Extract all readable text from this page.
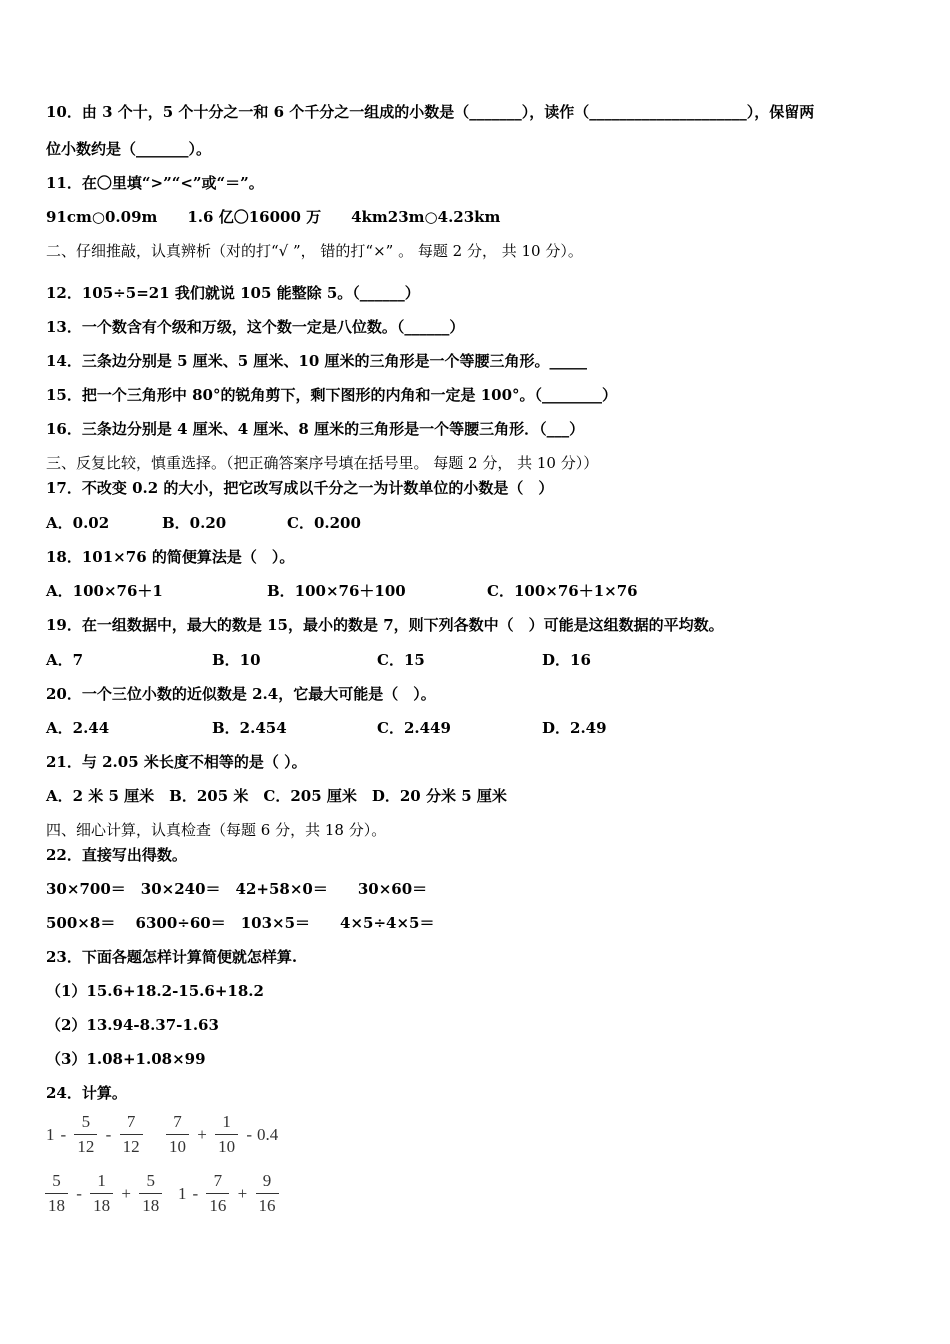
10．由 3 个十，5 个十分之一和 6 个千分之一组成的小数是（_______），读作（_____________________），保留两
位小数约是（_______）。
11．在〇里填“>”“<”或“＝”。
91cm○0.09m　　1.6 亿〇16000 万　　4km23m○4.23km
二、仔细推敲，认真辨析（对的打“√ ”， 错的打“×” 。 每题 2 分， 共 10 分）。
12．105÷5=21 我们就说 105 能整除 5。（______）
13．一个数含有个级和万级，这个数一定是八位数。（______）
14．三条边分别是 5 厘米、5 厘米、10 厘米的三角形是一个等腰三角形。_____
15．把一个三角形中 80°的锐角剪下，剩下图形的内角和一定是 100°。（________）
16．三条边分别是 4 厘米、4 厘米、8 厘米的三角形是一个等腰三角形．（___）
三、反复比较，慎重选择。（把正确答案序号填在括号里。 每题 2 分， 共 10 分））
17．不改变 0.2 的大小，把它改写成以千分之一为计数单位的小数是（　）
A．0.02	B．0.20	C．0.200
18．101×76 的简便算法是（　）。
A．100×76＋1	B．100×76＋100	C．100×76＋1×76
19．在一组数据中，最大的数是 15，最小的数是 7，则下列各数中（　）可能是这组数据的平均数。
A．7	B．10	C．15	D．16
20．一个三位小数的近似数是 2.4，它最大可能是（　）。
A．2.44	B．2.454	C．2.449	D．2.49
21．与 2.05 米长度不相等的是（ ）。
A．2 米 5 厘米　B．205 米　C．205 厘米　D．20 分米 5 厘米
四、细心计算，认真检查（每题 6 分，共 18 分）。
22．直接写出得数。
30×700＝　30×240＝　42+58×0＝　　30×60＝
500×8＝　 6300÷60＝　103×5＝　　4×5÷4×5＝
23．下面各题怎样计算简便就怎样算.
（1）15.6+18.2-15.6+18.2
（2）13.94-8.37-1.63
（3）1.08+1.08×99
24．计算。
$1 - \frac{5}{12} - \frac{7}{12} \frac{7}{10} + \frac{1}{10} - 0.4$
$\frac{5}{18} - \frac{1}{18} + \frac{5}{18} 1 - \frac{7}{16} + \frac{9}{16}$
